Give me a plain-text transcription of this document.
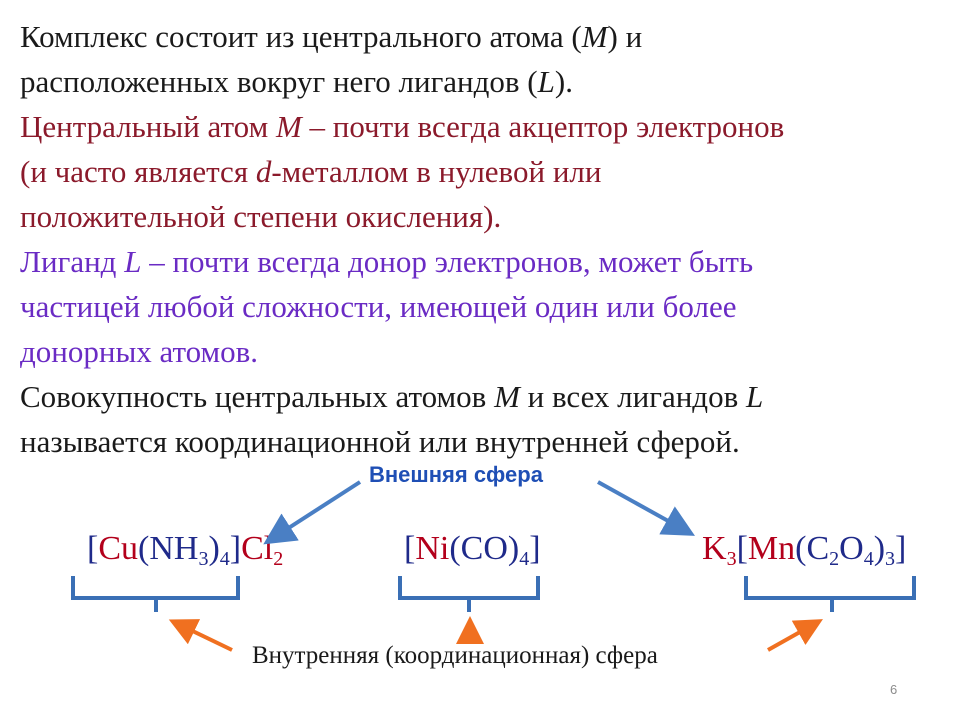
Комплекс состоит из центрального атома (M) и
расположенных вокруг него лигандов (L).
Центральный атом M – почти всегда акцептор электронов
(и часто является d-металлом в нулевой или
положительной степени окисления).
Лиганд L – почти всегда донор электронов, может быть
частицей любой сложности, имеющей один или более
донорных атомов.
Совокупность центральных атомов M и всех лигандов L
называется координационной или внутренней сферой.
Внешняя сфера
$[Cu(NH_3)_4]Cl_2$	$[Ni(CO)_4]$	$K_3[Mn(C_2O_4)_3]$
Внутренняя (координационная) сфера
6
